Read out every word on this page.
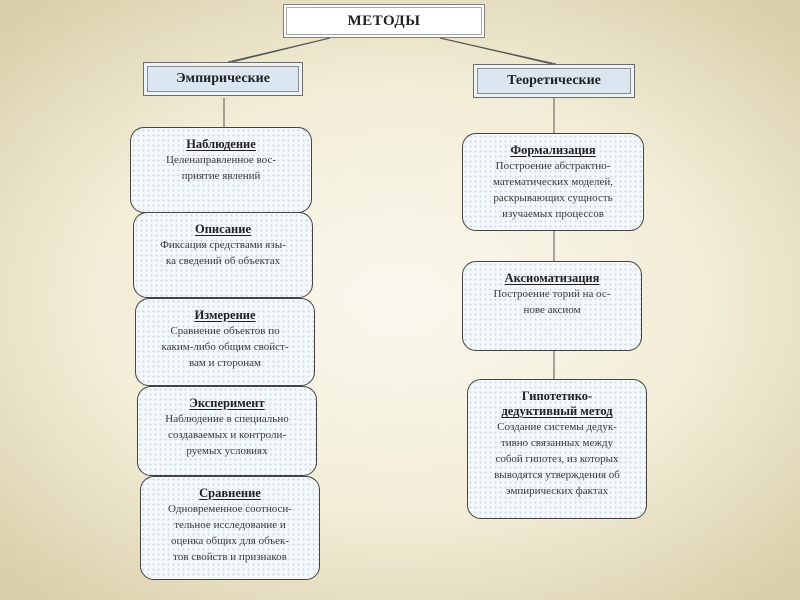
МЕТОДЫ
Эмпирические	Теоретические
Наблюдение
Целенаправленное вос-
приятие явлений
Описание
Фиксация средствами язы-
ка сведений об объектах
Измерение
Сравнение объектов по
каким-либо общим свойст-
вам и сторонам
Эксперимент
Наблюдение в специально
создаваемых и контроли-
руемых условиях
Сравнение
Одновременное соотноси-
тельное исследование и
оценка общих для объек-
тов свойств и признаков
Формализация
Построение абстрактно-
математических моделей,
раскрывающих сущность
изучаемых процессов
Аксиоматизация
Построение торий на ос-
нове аксиом
Гипотетико-
дедуктивный метод
Создание системы дедук-
тивно связанных между
собой гипотез, из которых
выводятся утверждения об
эмпирических фактах
